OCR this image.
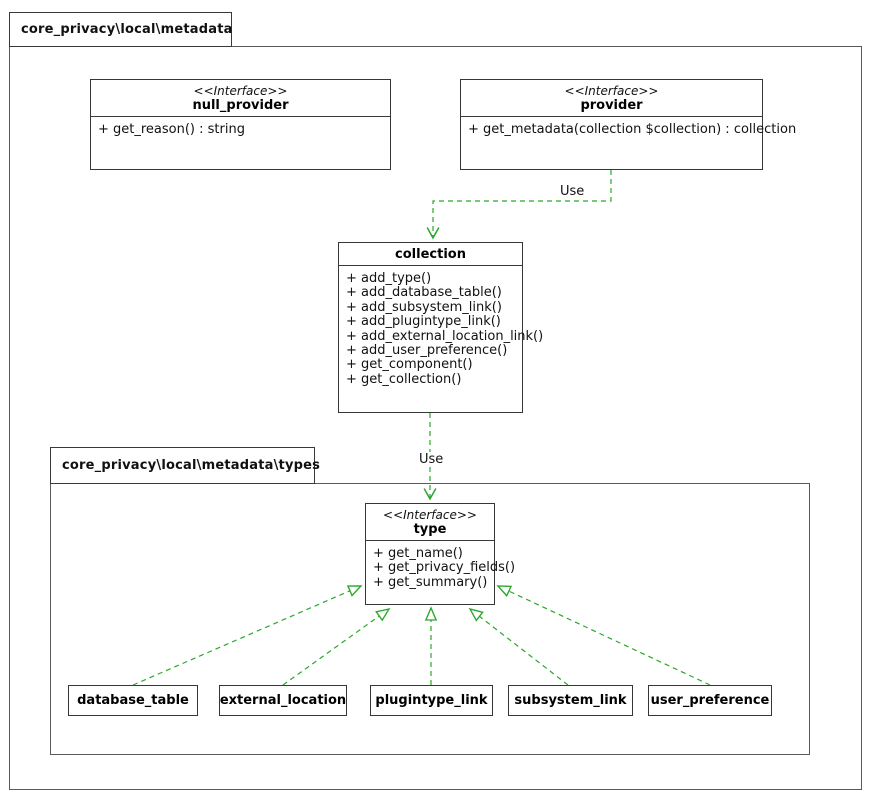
core_privacy\local\metadata
core_privacy\local\metadata\types
<<Interface>>
null_provider
+ get_reason() : string
<<Interface>>
provider
+ get_metadata(collection $collection) : collection
collection
+ add_type()
+ add_database_table()
+ add_subsystem_link()
+ add_plugintype_link()
+ add_external_location_link()
+ add_user_preference()
+ get_component()
+ get_collection()
<<Interface>>
type
+ get_name()
+ get_privacy_fields()
+ get_summary()
database_table external_location plugintype_link subsystem_link user_preference
Use
Use
